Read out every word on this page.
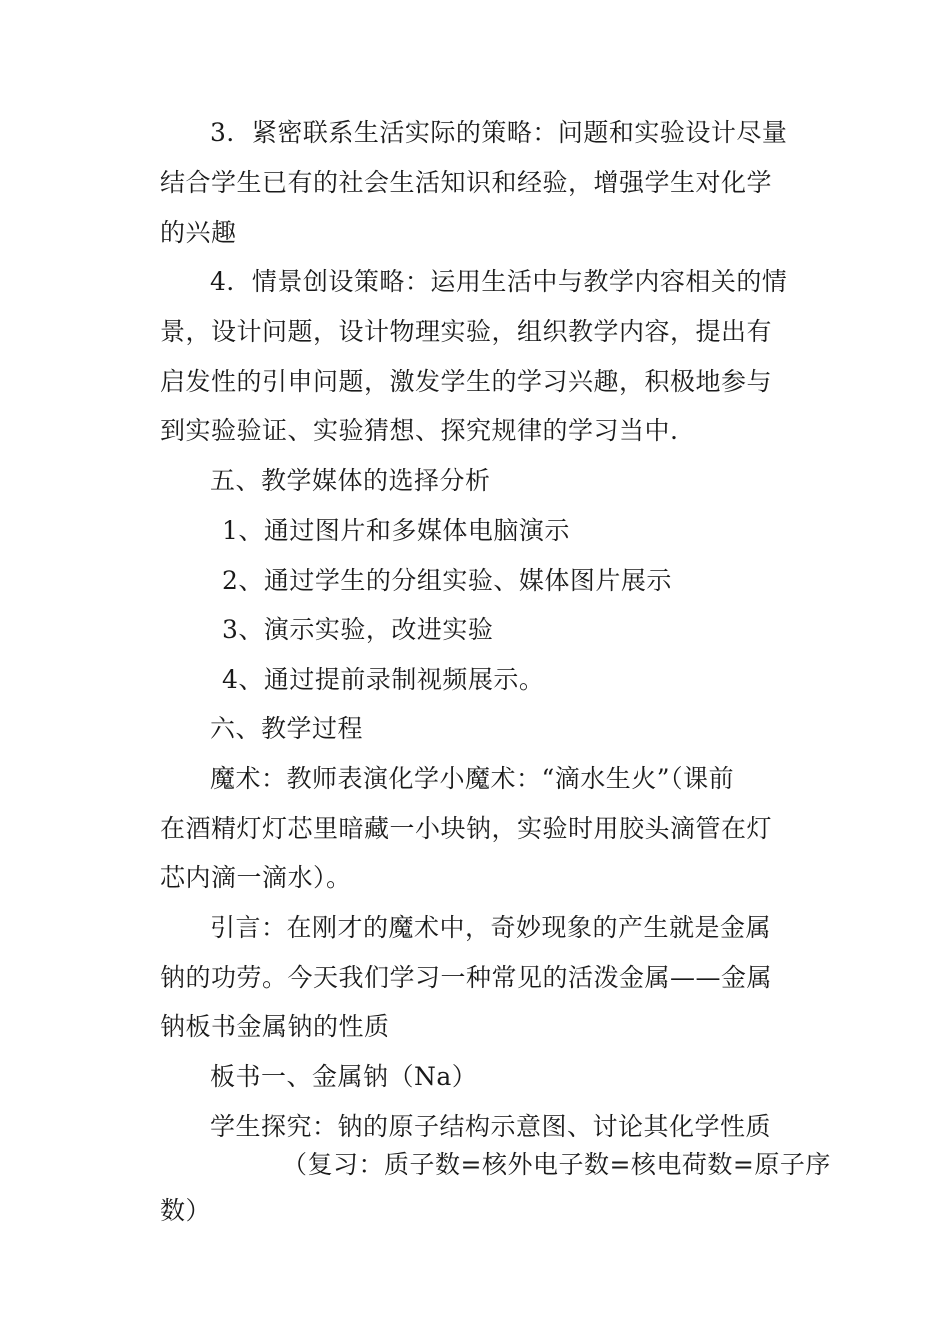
3．紧密联系生活实际的策略：问题和实验设计尽量
结合学生已有的社会生活知识和经验，增强学生对化学
的兴趣
4．情景创设策略：运用生活中与教学内容相关的情
景，设计问题，设计物理实验，组织教学内容，提出有
启发性的引申问题，激发学生的学习兴趣，积极地参与
到实验验证、实验猜想、探究规律的学习当中.
五、教学媒体的选择分析
1、通过图片和多媒体电脑演示
2、通过学生的分组实验、媒体图片展示
3、演示实验，改进实验
4、通过提前录制视频展示。
六、教学过程
魔术：教师表演化学小魔术：“滴水生火”（课前
在酒精灯灯芯里暗藏一小块钠，实验时用胶头滴管在灯
芯内滴一滴水）。
引言：在刚才的魔术中，奇妙现象的产生就是金属
钠的功劳。今天我们学习一种常见的活泼金属——金属
钠板书金属钠的性质
板书一、金属钠（Na）
学生探究：钠的原子结构示意图、讨论其化学性质
（复习：质子数=核外电子数=核电荷数=原子序
数）
